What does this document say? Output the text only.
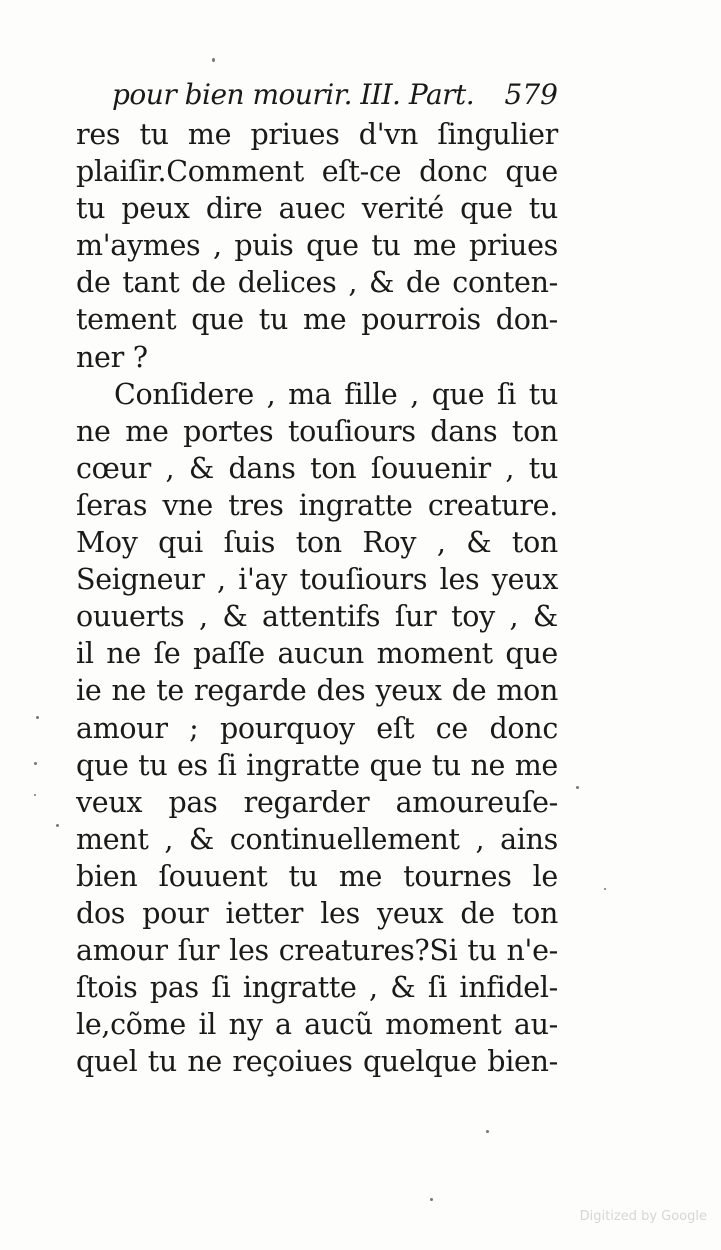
pour bien mourir. III. Part. 579
res tu me priues d'vn ſingulier
plaiſir.Comment eſt-ce donc que
tu peux dire auec verité que tu
m'aymes , puis que tu me priues
de tant de delices , & de conten-
tement que tu me pourrois don-
ner ?
Conſidere , ma fille , que ſi tu
ne me portes touſiours dans ton
cœur , & dans ton ſouuenir , tu
ſeras vne tres ingratte creature.
Moy qui ſuis ton Roy , & ton
Seigneur , i'ay touſiours les yeux
ouuerts , & attentifs ſur toy , &
il ne ſe paſſe aucun moment que
ie ne te regarde des yeux de mon
amour ; pourquoy eſt ce donc
que tu es ſi ingratte que tu ne me
veux pas regarder amoureuſe-
ment , & continuellement , ains
bien ſouuent tu me tournes le
dos pour ietter les yeux de ton
amour ſur les creatures?Si tu n'e-
ſtois pas ſi ingratte , & ſi infidel-
le,cõme il ny a aucũ moment au-
quel tu ne reçoiues quelque bien-
Digitized by Google
